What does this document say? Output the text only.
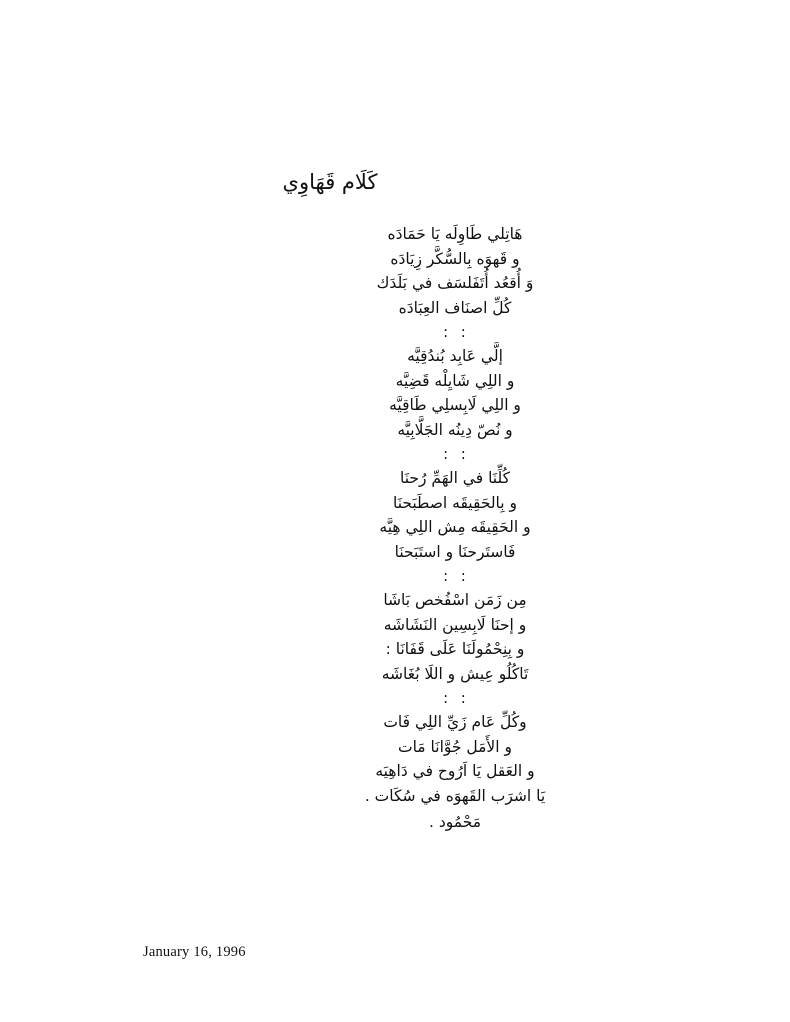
كَلَام قَهَاوِي
هَاتِلي طَاوِلَه يَا حَمَادَه
و قَهوَه بِالسُّكَّر زِيَادَه
وَ أُقعُد أُتَفَلسَف في بَلَدَك
كُلِّ اصنَاف العِبَادَه
:  :
إلَّي عَابِد بُندُقِيَّه
و اللِي شَايِلْه قَضِيَّه
و اللِي لَابِسلِي طَاقِيَّه
و نُصّ دِينُه الجَلَّابِيَّه
:  :
كُلِّنَا في الهَمِّ رُحنَا
و بِالحَقِيقَه اصطَبَحنَا
و الحَقِيقَه مِش اللِي هِيَّه
فَاستَرحنَا و استَبَحنَا
:  :
مِن زَمَن اسْفُخص بَاشَا
و إحنَا لَابِسِين النَشَاشَه
و بِنِحْمُولَنَا عَلَى قَفَانَا :
تَاكُلُو عِيش و اللَا بُغَاشَه
:  :
وكُلِّ عَام زَيِّ اللِي فَات
و الأَمَل جُوَّانَا مَات
و العَقل يَا اَرُوح في دَاهِيَه
يَا اشرَب القَهوَه في سُكَات .
مَحْمُود .
January 16, 1996
